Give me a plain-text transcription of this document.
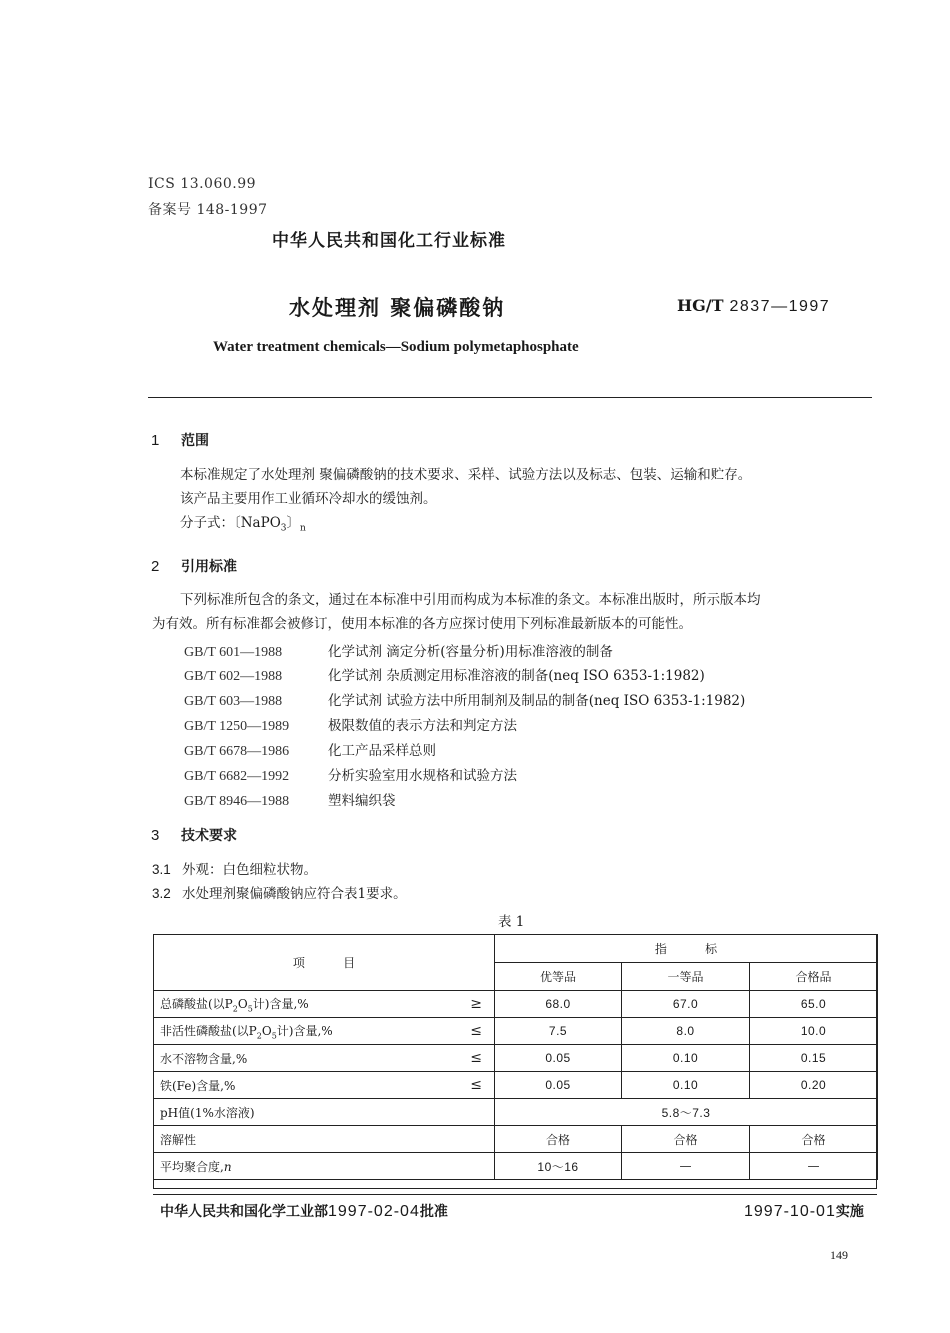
ICS 13.060.99
备案号 148-1997
中华人民共和国化工行业标准
水处理剂 聚偏磷酸钠	HG/T 2837—1997
Water treatment chemicals—Sodium polymetaphosphate
1 范围
本标准规定了水处理剂 聚偏磷酸钠的技术要求、采样、试验方法以及标志、包装、运输和贮存。
该产品主要用作工业循环冷却水的缓蚀剂。
分子式：〔NaPO$_3$〕$_n$
2 引用标准
下列标准所包含的条文，通过在本标准中引用而构成为本标准的条文。本标准出版时，所示版本均
为有效。所有标准都会被修订，使用本标准的各方应探讨使用下列标准最新版本的可能性。
GB/T 601—1988	化学试剂 滴定分析(容量分析)用标准溶液的制备
GB/T 602—1988	化学试剂 杂质测定用标准溶液的制备(neq ISO 6353-1:1982)
GB/T 603—1988	化学试剂 试验方法中所用制剂及制品的制备(neq ISO 6353-1:1982)
GB/T 1250—1989	极限数值的表示方法和判定方法
GB/T 6678—1986	化工产品采样总则
GB/T 6682—1992	分析实验室用水规格和试验方法
GB/T 8946—1988	塑料编织袋
3 技术要求
3.1 外观：白色细粒状物。
3.2 水处理剂聚偏磷酸钠应符合表1要求。
表 1
项          目	指          标		
	优等品	一等品	合格品
总磷酸盐(以$P_2O_5$计)含量,% ≥	68.0	67.0	65.0
非活性磷酸盐(以$P_2O_5$计)含量,% ≤	7.5	8.0	10.0
水不溶物含量,% ≤	0.05	0.10	0.15
铁(Fe)含量,% ≤	0.05	0.10	0.20
pH值(1%水溶液)	5.8～7.3		
溶解性	合格	合格	合格
平均聚合度,n	10～16	—	—
中华人民共和国化学工业部1997-02-04批准	1997-10-01实施
149
